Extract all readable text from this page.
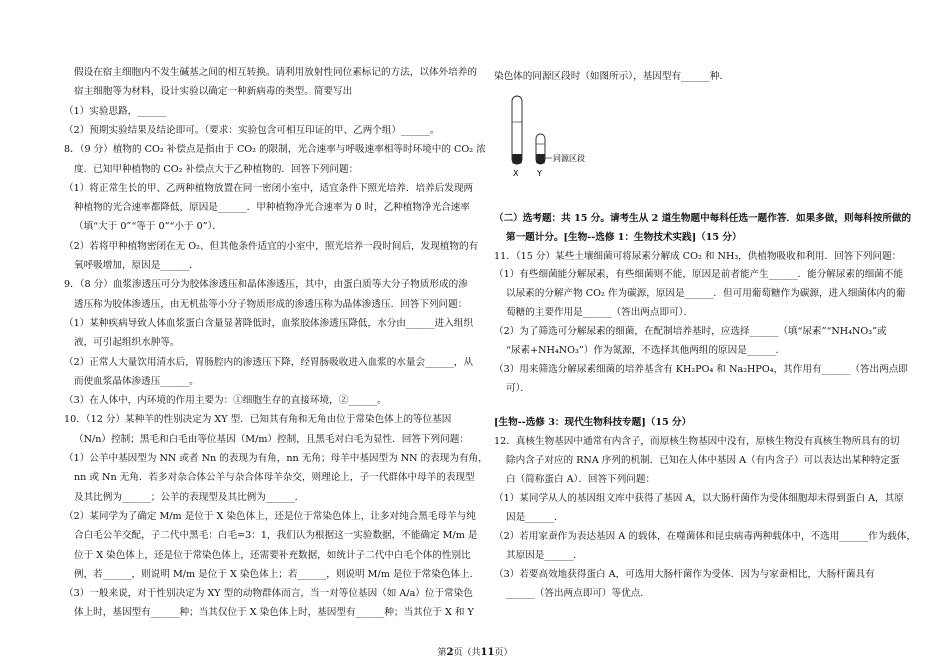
假设在宿主细胞内不发生碱基之间的相互转换。请利用放射性同位素标记的方法，以体外培养的
宿主细胞等为材料，设计实验以确定一种新病毒的类型。简要写出
（1）实验思路，______
（2）预期实验结果及结论即可。（要求：实验包含可相互印证的甲、乙两个组）______。
8．（9 分）植物的 CO₂ 补偿点是指由于 CO₂ 的限制，光合速率与呼吸速率相等时环境中的 CO₂ 浓
度．已知甲种植物的 CO₂ 补偿点大于乙种植物的．回答下列问题：
（1）将正常生长的甲、乙两种植物放置在同一密闭小室中，适宜条件下照光培养．培养后发现两
种植物的光合速率都降低，原因是______．甲种植物净光合速率为 0 时，乙种植物净光合速率
（填“大于 0”“等于 0”“小于 0”）．
（2）若将甲种植物密闭在无 O₂、但其他条件适宜的小室中，照光培养一段时间后，发现植物的有
氧呼吸增加，原因是______．
9．（8 分）血浆渗透压可分为胶体渗透压和晶体渗透压，其中，由蛋白质等大分子物质形成的渗
透压称为胶体渗透压，由无机盐等小分子物质形成的渗透压称为晶体渗透压．回答下列问题：
（1）某种疾病导致人体血浆蛋白含量显著降低时，血浆胶体渗透压降低，水分由______进入组织
液，可引起组织水肿等。
（2）正常人大量饮用清水后，胃肠腔内的渗透压下降，经胃肠吸收进入血浆的水量会______，从
而使血浆晶体渗透压______。
（3）在人体中，内环境的作用主要为：①细胞生存的直接环境，②______。
10．（12 分）某种羊的性别决定为 XY 型．已知其有角和无角由位于常染色体上的等位基因
（N/n）控制；黑毛和白毛由等位基因（M/m）控制，且黑毛对白毛为显性．回答下列问题：
（1）公羊中基因型为 NN 或者 Nn 的表现为有角，nn 无角；母羊中基因型为 NN 的表现为有角，
nn 或 Nn 无角．若多对杂合体公羊与杂合体母羊杂交，则理论上，子一代群体中母羊的表现型
及其比例为______；公羊的表现型及其比例为______．
（2）某同学为了确定 M/m 是位于 X 染色体上，还是位于常染色体上，让多对纯合黑毛母羊与纯
合白毛公羊交配，子二代中黑毛：白毛=3：1，我们认为根据这一实验数据，不能确定 M/m 是
位于 X 染色体上，还是位于常染色体上，还需要补充数据，如统计子二代中白毛个体的性别比
例，若______，则说明 M/m 是位于 X 染色体上；若______，则说明 M/m 是位于常染色体上．
（3）一般来说，对于性别决定为 XY 型的动物群体而言，当一对等位基因（如 A/a）位于常染色
体上时，基因型有______种；当其仅位于 X 染色体上时，基因型有______种；当其位于 X 和 Y
染色体的同源区段时（如图所示），基因型有______种．
X Y
同源区段
（二）选考题：共 15 分。请考生从 2 道生物题中每科任选一题作答．如果多做，则每科按所做的
第一题计分。[生物--选修 1：生物技术实践]（15 分）
11．（15 分）某些土壤细菌可将尿素分解成 CO₂ 和 NH₃，供植物吸收和利用．回答下列问题：
（1）有些细菌能分解尿素，有些细菌则不能，原因是前者能产生______．能分解尿素的细菌不能
以尿素的分解产物 CO₂ 作为碳源，原因是______．但可用葡萄糖作为碳源，进入细菌体内的葡
萄糖的主要作用是______（答出两点即可）．
（2）为了筛选可分解尿素的细菌，在配制培养基时，应选择______（填“尿素”“NH₄NO₃”或
“尿素+NH₄NO₃”）作为氮源，不选择其他两组的原因是______．
（3）用来筛选分解尿素细菌的培养基含有 KH₂PO₄ 和 Na₂HPO₄，其作用有______（答出两点即
可）．
[生物--选修 3：现代生物科技专题]（15 分）
12．真核生物基因中通常有内含子，而原核生物基因中没有，原核生物没有真核生物所具有的切
除内含子对应的 RNA 序列的机制．已知在人体中基因 A（有内含子）可以表达出某种特定蛋
白（简称蛋白 A）．回答下列问题：
（1）某同学从人的基因组文库中获得了基因 A，以大肠杆菌作为受体细胞却未得到蛋白 A，其原
因是______．
（2）若用家蚕作为表达基因 A 的载体，在噬菌体和昆虫病毒两种载体中，不选用______作为载体，
其原因是______．
（3）若要高效地获得蛋白 A，可选用大肠杆菌作为受体．因为与家蚕相比，大肠杆菌具有
______（答出两点即可）等优点．
第2页（共11页）
